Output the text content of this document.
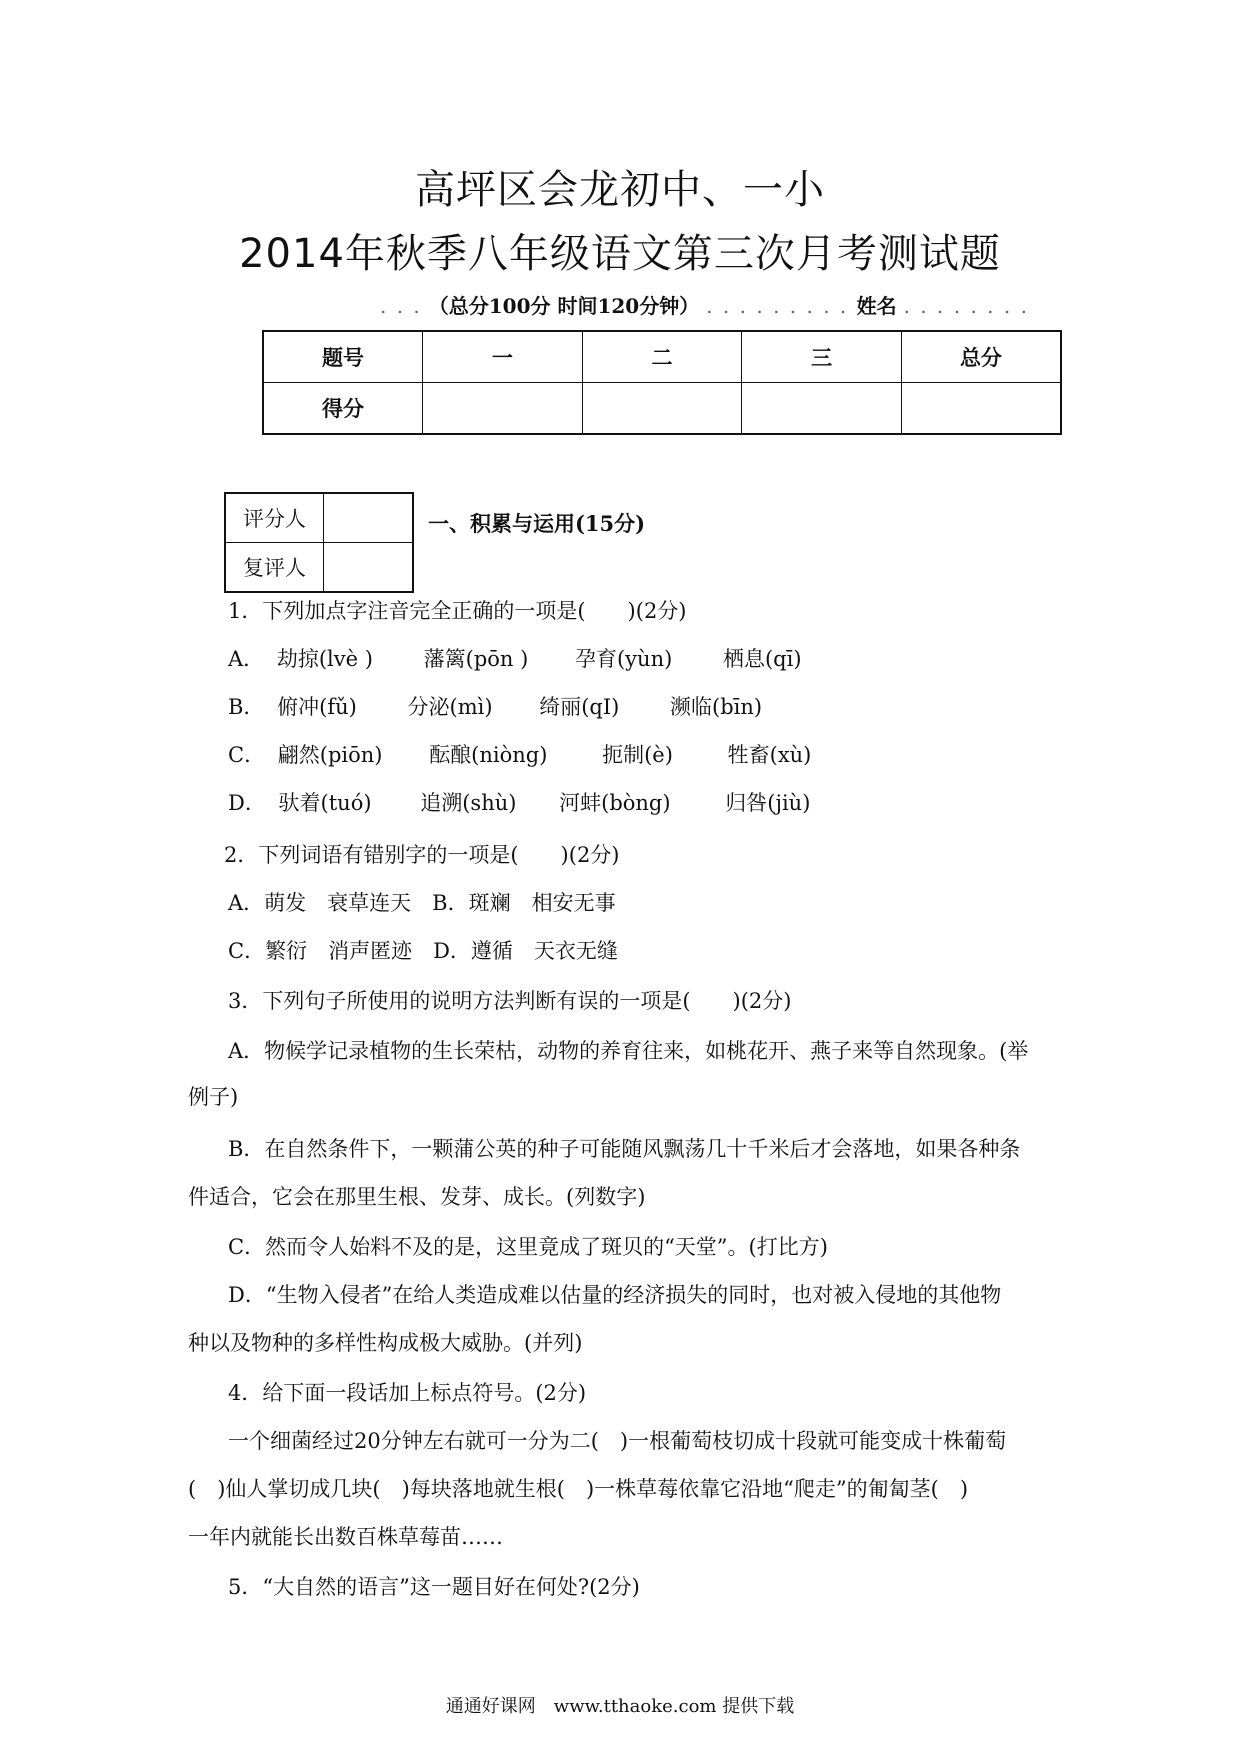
高坪区会龙初中、一小
2014年秋季八年级语文第三次月考测试题
. . . （总分100分 时间120分钟） . . . . . . . . . 姓名 . . . . . . . .
题号	一	二	三	总分
得分				
评分人	
复评人	
一、积累与运用(15分)
1．下列加点字注音完全正确的一项是(　　)(2分)
A． 劫掠(lvè ) 藩篱(pōn ) 孕育(yùn) 栖息(qī)
B． 俯冲(fǔ) 分泌(mì) 绮丽(qI) 濒临(bīn)
C． 翩然(piōn) 酝酿(niòng)	扼制(è)	牲畜(xù)
D． 驮着(tuó) 追溯(shù) 河蚌(bòng)	归咎(jiù)
2．下列词语有错别字的一项是(　　)(2分)
A．萌发　衰草连天　B．斑斓　相安无事
C．繁衍　消声匿迹　D．遵循　天衣无缝
3．下列句子所使用的说明方法判断有误的一项是(　　)(2分)
A．物候学记录植物的生长荣枯，动物的养育往来，如桃花开、燕子来等自然现象。(举
例子)
B．在自然条件下，一颗蒲公英的种子可能随风飘荡几十千米后才会落地，如果各种条
件适合，它会在那里生根、发芽、成长。(列数字)
C．然而令人始料不及的是，这里竟成了斑贝的“天堂”。(打比方)
D．“生物入侵者”在给人类造成难以估量的经济损失的同时，也对被入侵地的其他物
种以及物种的多样性构成极大威胁。(并列)
4．给下面一段话加上标点符号。(2分)
一个细菌经过20分钟左右就可一分为二(　)一根葡萄枝切成十段就可能变成十株葡萄
(　)仙人掌切成几块(　)每块落地就生根(　)一株草莓依靠它沿地“爬走”的匍匐茎(　)
一年内就能长出数百株草莓苗……
5．“大自然的语言”这一题目好在何处?(2分)
通通好课网　www.tthaoke.com 提供下载
